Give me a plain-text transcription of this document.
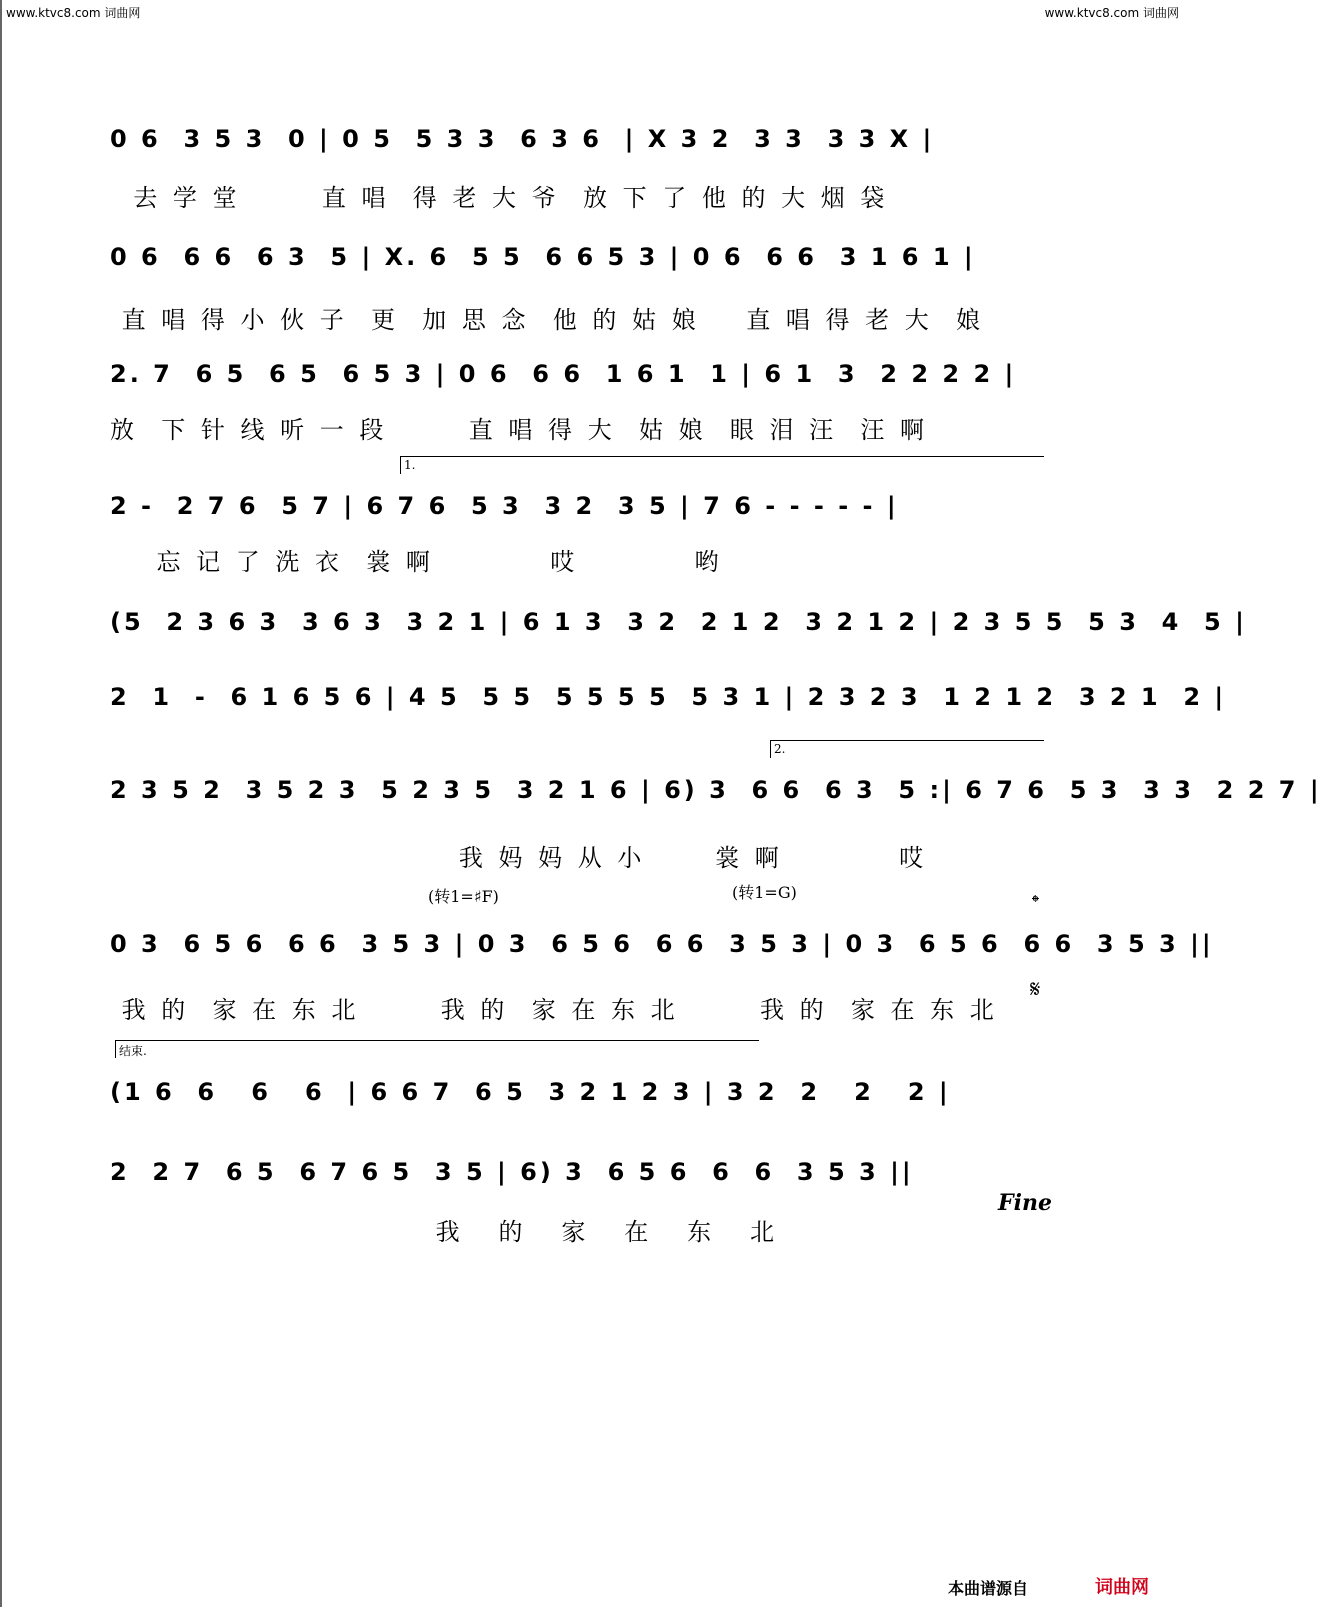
www.ktvc8.com 词曲网	www.ktvc8.com 词曲网
0 6  3 5 3  0 | 0 5  5 3 3  6 3 6  | X 3 2  3 3  3 3 X |
去 学 堂       直 唱  得 老 大 爷  放 下 了 他 的 大 烟 袋
0 6  6 6  6 3  5 | X. 6  5 5  6 6 5 3 | 0 6  6 6  3 1 6 1 |
直 唱 得 小 伙 子  更  加 思 念  他 的 姑 娘    直 唱 得 老 大  娘
2. 7  6 5  6 5  6 5 3 | 0 6  6 6  1 6 1  1 | 6 1  3  2 2 2 2 |
放  下 针 线 听 一 段       直 唱 得 大  姑 娘  眼 泪 汪  汪 啊
1.
2 -  2 7 6  5 7 | 6 7 6  5 3  3 2  3 5 | 7 6 - - - - - |
忘 记 了 洗 衣  裳 啊          哎          哟
(5  2 3 6 3  3 6 3  3 2 1 | 6 1 3  3 2  2 1 2  3 2 1 2 | 2 3 5 5  5 3  4  5 |
2  1  -  6 1 6 5 6 | 4 5  5 5  5 5 5 5  5 3 1 | 2 3 2 3  1 2 1 2  3 2 1  2 |
2.
2 3 5 2  3 5 2 3  5 2 3 5  3 2 1 6 | 6) 3  6 6  6 3  5 :| 6 7 6  5 3  3 3  2 2 7 |
我 妈 妈 从 小      裳 啊          哎
(转1=♯F)	(转1=G)	𝄌
0 3  6 5 6  6 6  3 5 3 | 0 3  6 5 6  6 6  3 5 3 | 0 3  6 5 6  6 6  3 5 3 ||
𝄋
我 的  家 在 东 北       我 的  家 在 东 北       我 的  家 在 东 北
结束.
(1 6  6   6   6  | 6 6 7  6 5  3 2 1 2 3 | 3 2  2   2   2 |
2  2 7  6 5  6 7 6 5  3 5 | 6) 3  6 5 6  6  6  3 5 3 ||
Fine
我   的   家   在   东   北
本曲谱源自	词曲网
